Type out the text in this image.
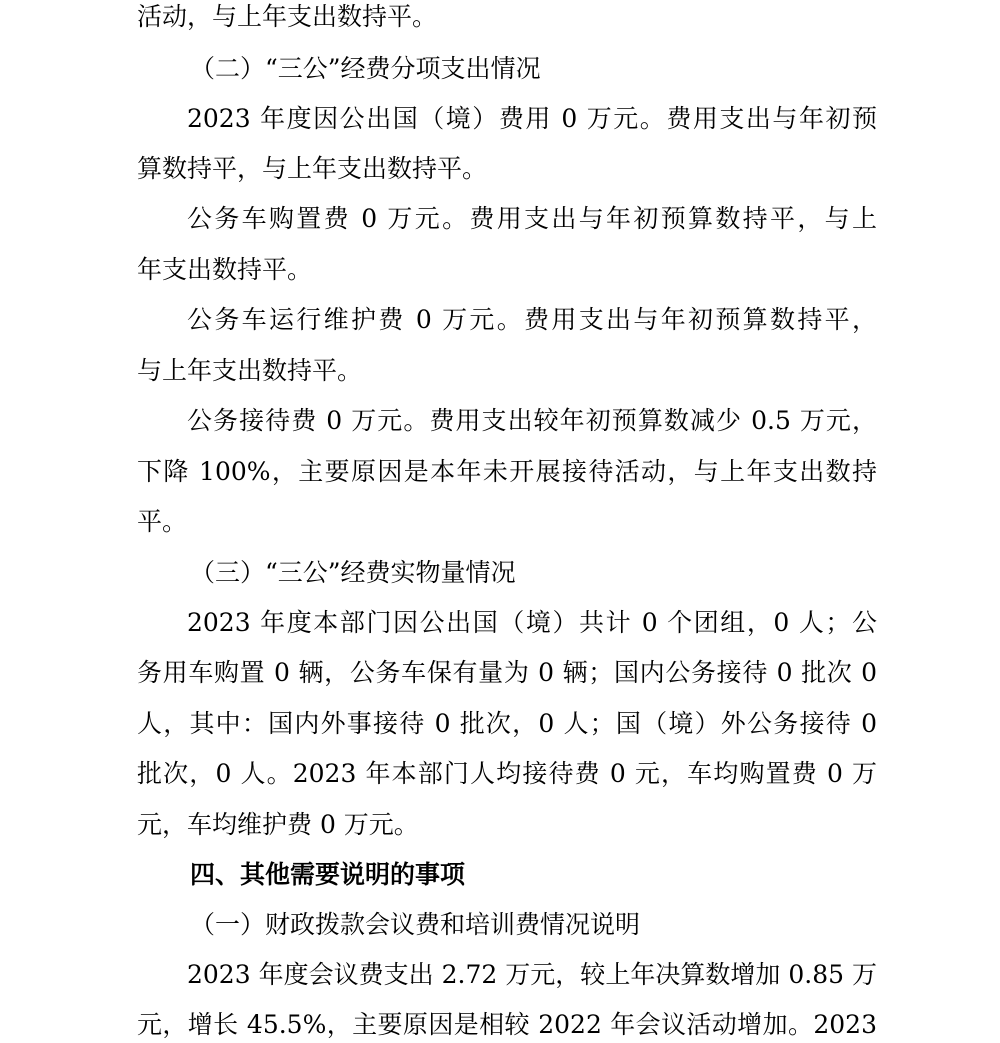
活动，与上年支出数持平。
（二）“三公”经费分项支出情况
2023 年度因公出国（境）费用 0 万元。费用支出与年初预
算数持平，与上年支出数持平。
公务车购置费 0 万元。费用支出与年初预算数持平，与上
年支出数持平。
公务车运行维护费 0 万元。费用支出与年初预算数持平，
与上年支出数持平。
公务接待费 0 万元。费用支出较年初预算数减少 0.5 万元，
下降 100%，主要原因是本年未开展接待活动，与上年支出数持
平。
（三）“三公”经费实物量情况
2023 年度本部门因公出国（境）共计 0 个团组，0 人；公
务用车购置 0 辆，公务车保有量为 0 辆；国内公务接待 0 批次 0
人，其中：国内外事接待 0 批次，0 人；国（境）外公务接待 0
批次，0 人。2023 年本部门人均接待费 0 元，车均购置费 0 万
元，车均维护费 0 万元。
四、其他需要说明的事项
（一）财政拨款会议费和培训费情况说明
2023 年度会议费支出 2.72 万元，较上年决算数增加 0.85 万
元，增长 45.5%，主要原因是相较 2022 年会议活动增加。2023
